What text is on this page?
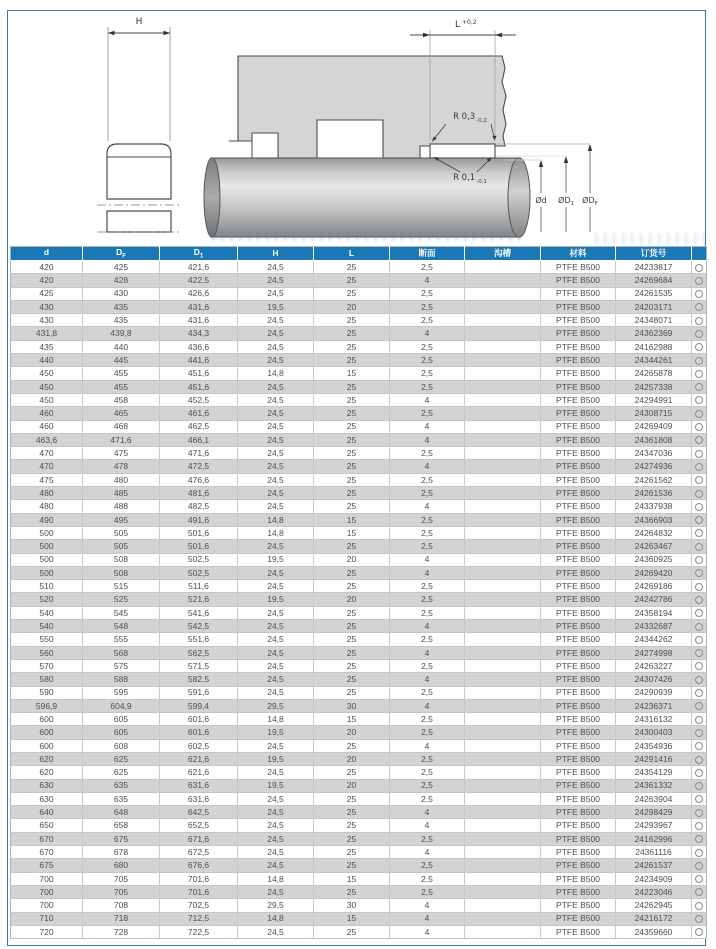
H	L $^{+0,2}$
R $0,3_{-0,2}$
R $0,1_{-0,1}$
Ød $ØD_1$ $ØD_F$
d	$D_F$	$D_1$	H	L	断面	沟槽	材料	订货号	
420	425	421,6	24,5	25	2,5		PTFE B500	24233817	
420	428	422,5	24,5	25	4		PTFE B500	24269684	
425	430	426,6	24,5	25	2,5		PTFE B500	24261535	
430	435	431,6	19,5	20	2,5		PTFE B500	24203171	
430	435	431,6	24,5	25	2,5		PTFE B500	24348071	
431,8	439,8	434,3	24,5	25	4		PTFE B500	24362369	
435	440	436,6	24,5	25	2,5		PTFE B500	24162988	
440	445	441,6	24,5	25	2,5		PTFE B500	24344261	
450	455	451,6	14,8	15	2,5		PTFE B500	24265878	
450	455	451,6	24,5	25	2,5		PTFE B500	24257338	
450	458	452,5	24,5	25	4		PTFE B500	24294991	
460	465	461,6	24,5	25	2,5		PTFE B500	24308715	
460	468	462,5	24,5	25	4		PTFE B500	24269409	
463,6	471,6	466,1	24,5	25	4		PTFE B500	24361808	
470	475	471,6	24,5	25	2,5		PTFE B500	24347036	
470	478	472,5	24,5	25	4		PTFE B500	24274936	
475	480	476,6	24,5	25	2,5		PTFE B500	24261562	
480	485	481,6	24,5	25	2,5		PTFE B500	24261536	
480	488	482,5	24,5	25	4		PTFE B500	24337938	
490	495	491,6	14,8	15	2,5		PTFE B500	24366903	
500	505	501,6	14,8	15	2,5		PTFE B500	24264832	
500	505	501,6	24,5	25	2,5		PTFE B500	24263467	
500	508	502,5	19,5	20	4		PTFE B500	24360925	
500	508	502,5	24,5	25	4		PTFE B500	24269420	
510	515	511,6	24,5	25	2,5		PTFE B500	24269186	
520	525	521,6	19,5	20	2,5		PTFE B500	24242786	
540	545	541,6	24,5	25	2,5		PTFE B500	24358194	
540	548	542,5	24,5	25	4		PTFE B500	24332687	
550	555	551,6	24,5	25	2,5		PTFE B500	24344262	
560	568	562,5	24,5	25	4		PTFE B500	24274998	
570	575	571,5	24,5	25	2,5		PTFE B500	24263227	
580	588	582,5	24,5	25	4		PTFE B500	24307426	
590	595	591,6	24,5	25	2,5		PTFE B500	24290939	
596,9	604,9	599,4	29,5	30	4		PTFE B500	24236371	
600	605	601,6	14,8	15	2,5		PTFE B500	24316132	
600	605	601,6	19,5	20	2,5		PTFE B500	24300403	
600	608	602,5	24,5	25	4		PTFE B500	24354936	
620	625	621,6	19,5	20	2,5		PTFE B500	24291416	
620	625	621,6	24,5	25	2,5		PTFE B500	24354129	
630	635	631,6	19,5	20	2,5		PTFE B500	24361332	
630	635	631,6	24,5	25	2,5		PTFE B500	24263904	
640	648	642,5	24,5	25	4		PTFE B500	24298429	
650	658	652,5	24,5	25	4		PTFE B500	24293967	
670	675	671,6	24,5	25	2,5		PTFE B500	24162996	
670	678	672,5	24,5	25	4		PTFE B500	24361116	
675	680	676,6	24,5	25	2,5		PTFE B500	24261537	
700	705	701,6	14,8	15	2,5		PTFE B500	24234909	
700	705	701,6	24,5	25	2,5		PTFE B500	24223046	
700	708	702,5	29,5	30	4		PTFE B500	24262945	
710	718	712,5	14,8	15	4		PTFE B500	24216172	
720	728	722,5	24,5	25	4		PTFE B500	24359660	
